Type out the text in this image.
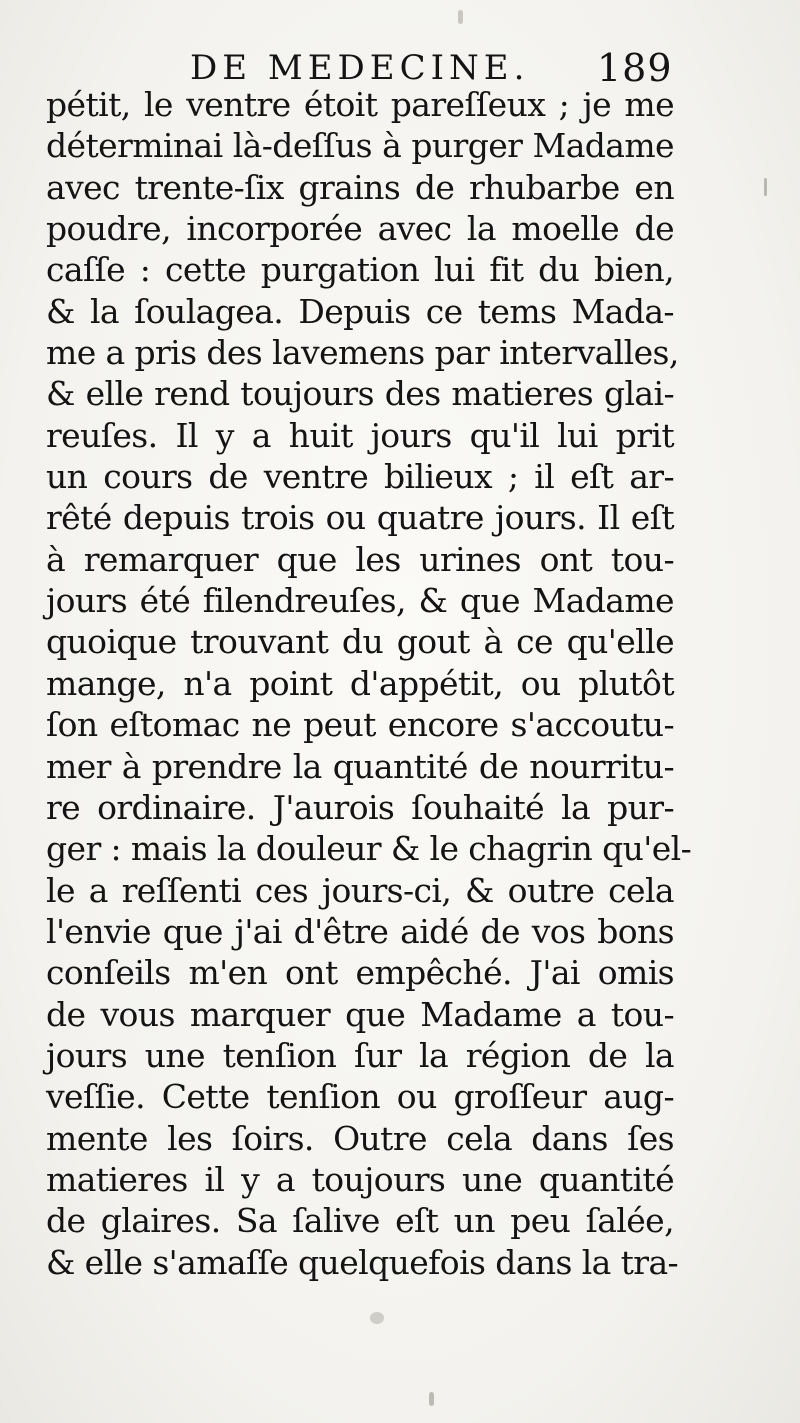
DE MEDECINE. 189
pétit, le ventre étoit pareſſeux ; je me
déterminai là-deſſus à purger Madame
avec trente-ſix grains de rhubarbe en
poudre, incorporée avec la moelle de
caſſe : cette purgation lui fit du bien,
& la ſoulagea. Depuis ce tems Mada-
me a pris des lavemens par intervalles,
& elle rend toujours des matieres glai-
reuſes. Il y a huit jours qu'il lui prit
un cours de ventre bilieux ; il eſt ar-
rêté depuis trois ou quatre jours. Il eſt
à remarquer que les urines ont tou-
jours été filendreuſes, & que Madame
quoique trouvant du gout à ce qu'elle
mange, n'a point d'appétit, ou plutôt
ſon eſtomac ne peut encore s'accoutu-
mer à prendre la quantité de nourritu-
re ordinaire. J'aurois ſouhaité la pur-
ger : mais la douleur & le chagrin qu'el-
le a reſſenti ces jours-ci, & outre cela
l'envie que j'ai d'être aidé de vos bons
conſeils m'en ont empêché. J'ai omis
de vous marquer que Madame a tou-
jours une tenſion ſur la région de la
veſſie. Cette tenſion ou groſſeur aug-
mente les ſoirs. Outre cela dans ſes
matieres il y a toujours une quantité
de glaires. Sa ſalive eſt un peu ſalée,
& elle s'amaſſe quelquefois dans la tra-
